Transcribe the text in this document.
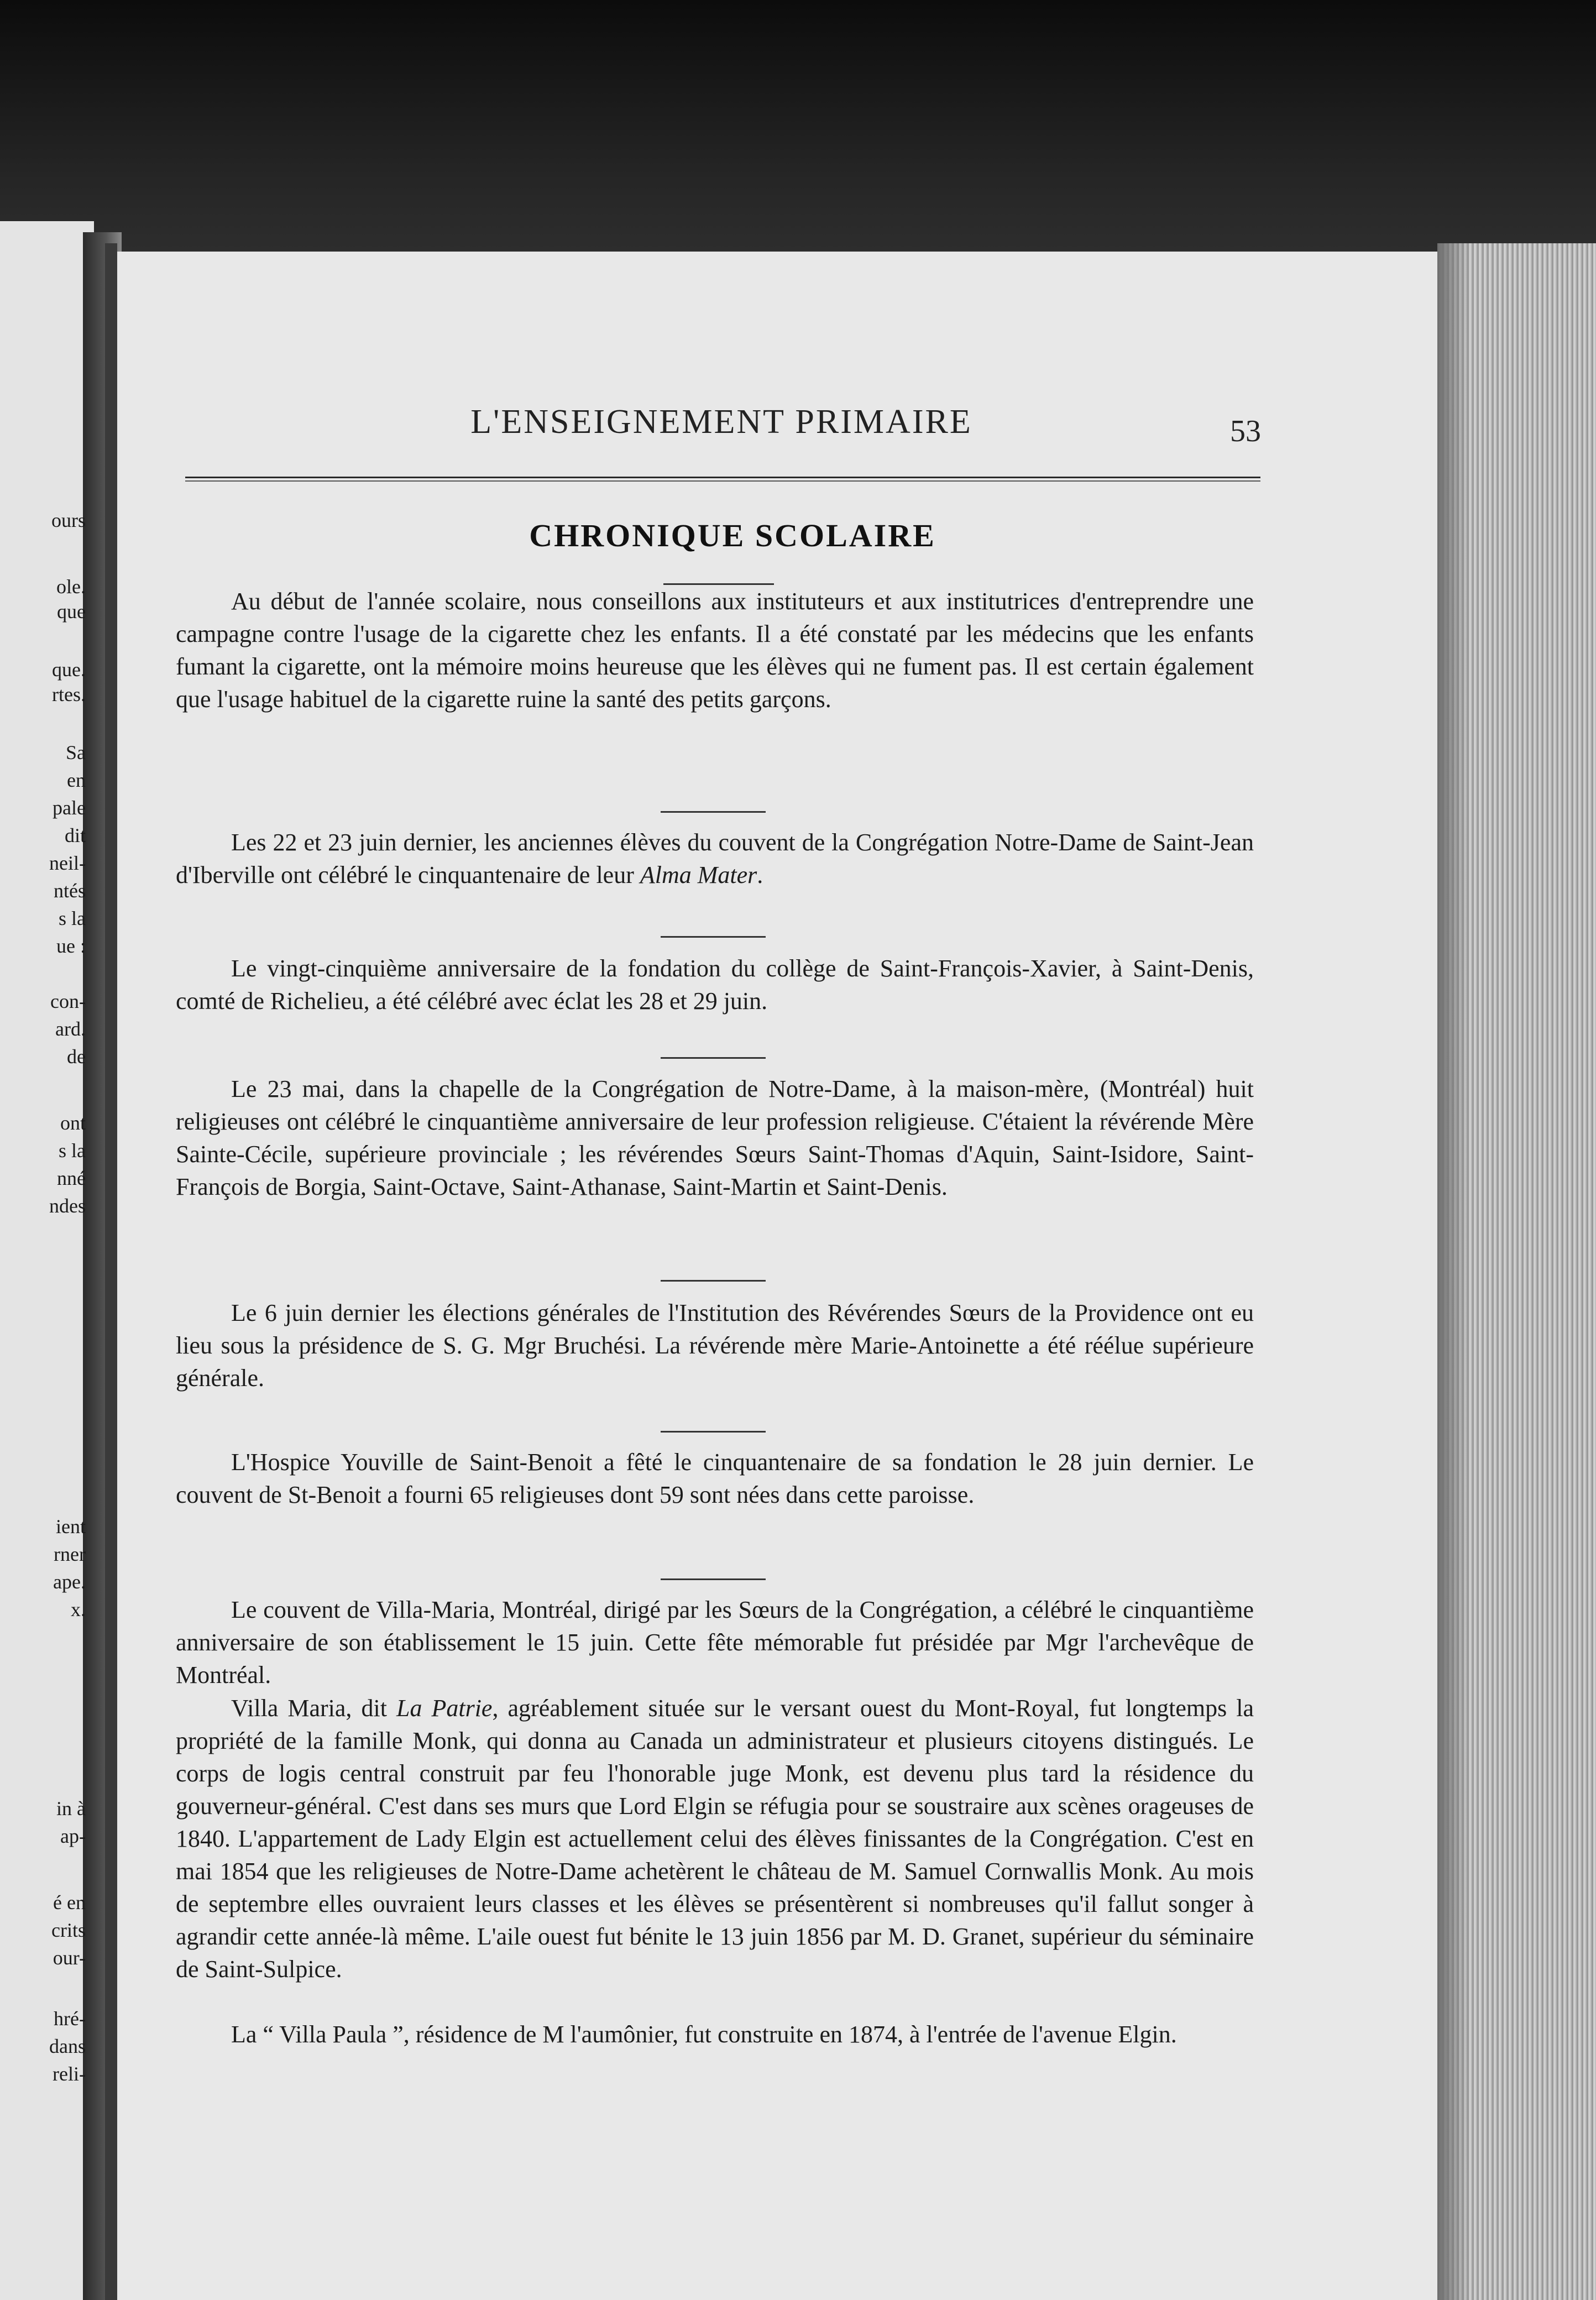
ours
ole.
que
que.
rtes.
Sa
en
pale
dit
neil-
ntés
s la
ue :
con-
ard.
de
ont
s la
nné
ndes
ient
rner
ape.
x.
in à
ap-
é en
crits
our-
hré-
dans
reli-
L'ENSEIGNEMENT PRIMAIRE	53
CHRONIQUE SCOLAIRE

Au début de l'année scolaire, nous conseillons aux instituteurs et aux institutrices d'entreprendre une campagne contre l'usage de la cigarette chez les enfants. Il a été constaté par les médecins que les enfants fumant la cigarette, ont la mémoire moins heureuse que les élèves qui ne fument pas. Il est certain également que l'usage habituel de la cigarette ruine la santé des petits garçons.

Les 22 et 23 juin dernier, les anciennes élèves du couvent de la Congrégation Notre-Dame de Saint-Jean d'Iberville ont célébré le cinquantenaire de leur Alma Mater.

Le vingt-cinquième anniversaire de la fondation du collège de Saint-François-Xavier, à Saint-Denis, comté de Richelieu, a été célébré avec éclat les 28 et 29 juin.

Le 23 mai, dans la chapelle de la Congrégation de Notre-Dame, à la maison-mère, (Montréal) huit religieuses ont célébré le cinquantième anniversaire de leur profession religieuse. C'étaient la révérende Mère Sainte-Cécile, supérieure provinciale ; les révérendes Sœurs Saint-Thomas d'Aquin, Saint-Isidore, Saint-François de Borgia, Saint-Octave, Saint-Athanase, Saint-Martin et Saint-Denis.

Le 6 juin dernier les élections générales de l'Institution des Révérendes Sœurs de la Providence ont eu lieu sous la présidence de S. G. Mgr Bruchési. La révérende mère Marie-Antoinette a été réélue supérieure générale.

L'Hospice Youville de Saint-Benoit a fêté le cinquantenaire de sa fondation le 28 juin dernier. Le couvent de St-Benoit a fourni 65 religieuses dont 59 sont nées dans cette paroisse.

Le couvent de Villa-Maria, Montréal, dirigé par les Sœurs de la Congrégation, a célébré le cinquantième anniversaire de son établissement le 15 juin. Cette fête mémorable fut présidée par Mgr l'archevêque de Montréal.

Villa Maria, dit La Patrie, agréablement située sur le versant ouest du Mont-Royal, fut longtemps la propriété de la famille Monk, qui donna au Canada un administrateur et plusieurs citoyens distingués. Le corps de logis central construit par feu l'honorable juge Monk, est devenu plus tard la résidence du gouverneur-général. C'est dans ses murs que Lord Elgin se réfugia pour se soustraire aux scènes orageuses de 1840. L'appartement de Lady Elgin est actuellement celui des élèves finissantes de la Congrégation. C'est en mai 1854 que les religieuses de Notre-Dame achetèrent le château de M. Samuel Cornwallis Monk. Au mois de septembre elles ouvraient leurs classes et les élèves se présentèrent si nombreuses qu'il fallut songer à agrandir cette année-là même. L'aile ouest fut bénite le 13 juin 1856 par M. D. Granet, supérieur du séminaire de Saint-Sulpice.

La “ Villa Paula ”, résidence de M l'aumônier, fut construite en 1874, à l'entrée de l'avenue Elgin.
